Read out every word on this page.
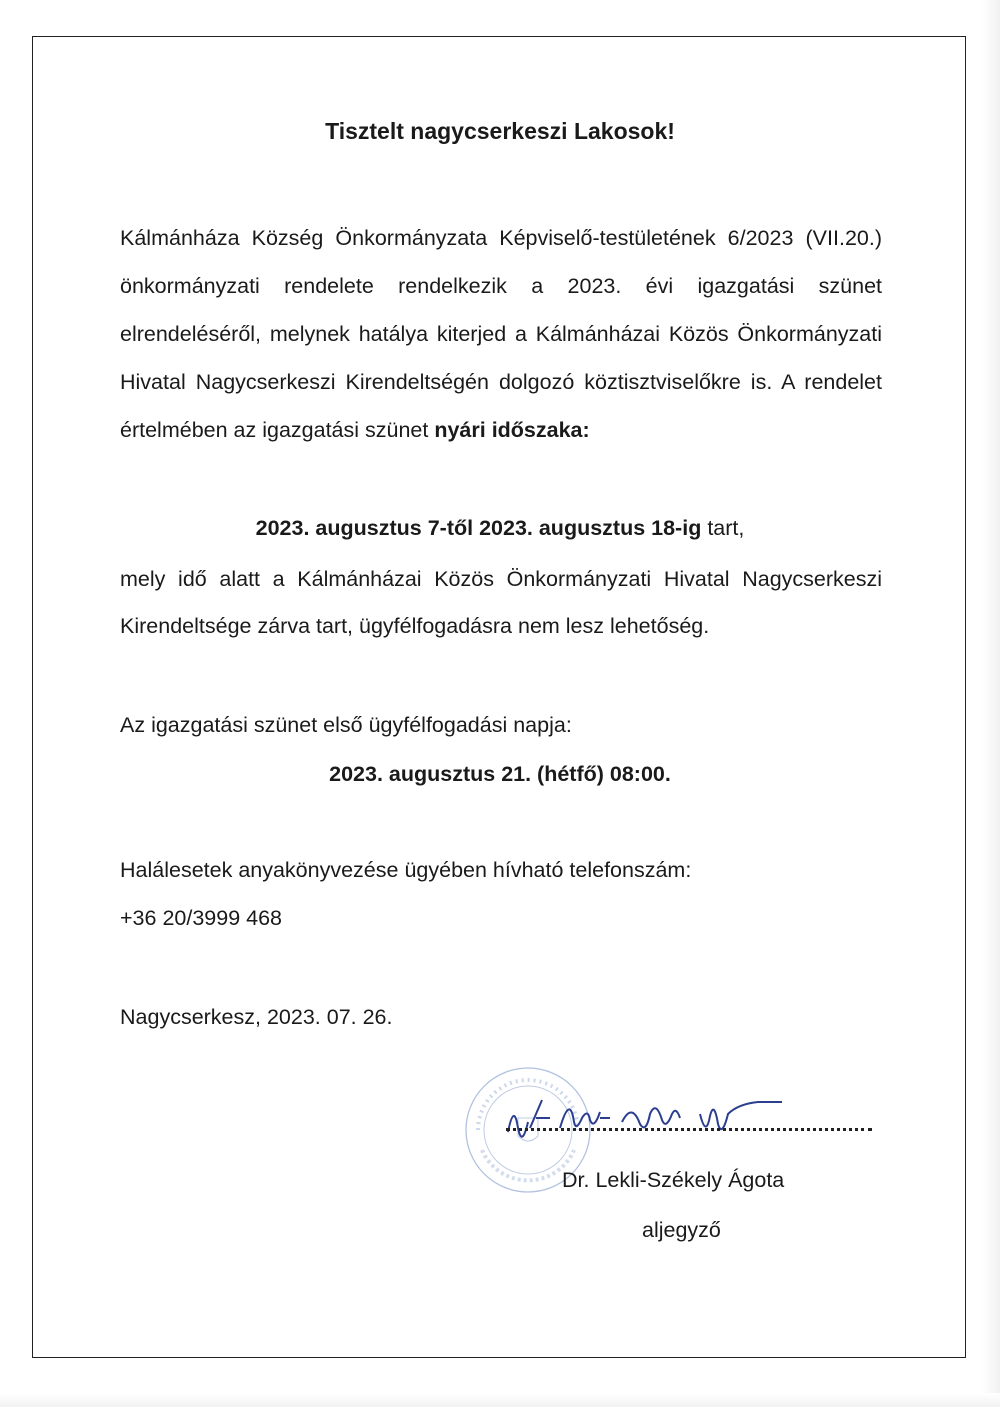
Tisztelt nagycserkeszi Lakosok!
Kálmánháza Község Önkormányzata Képviselő-testületének 6/2023 (VII.20.) önkormányzati rendelete rendelkezik a 2023. évi igazgatási szünet elrendeléséről, melynek hatálya kiterjed a Kálmánházai Közös Önkormányzati Hivatal Nagycserkeszi Kirendeltségén dolgozó köztisztviselőkre is. A rendelet értelmében az igazgatási szünet nyári időszaka:
2023. augusztus 7-től 2023. augusztus 18-ig tart,
mely idő alatt a Kálmánházai Közös Önkormányzati Hivatal Nagycserkeszi Kirendeltsége zárva tart, ügyfélfogadásra nem lesz lehetőség.
Az igazgatási szünet első ügyfélfogadási napja:
2023. augusztus 21. (hétfő) 08:00.
Halálesetek anyakönyvezése ügyében hívható telefonszám:
+36 20/3999 468
Nagycserkesz, 2023. 07. 26.
Dr. Lekli-Székely Ágota
aljegyző
